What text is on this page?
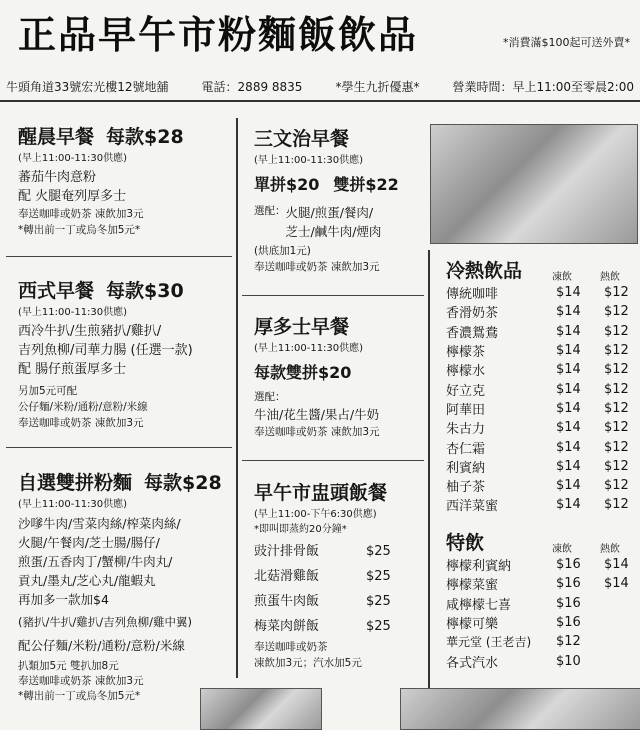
正品早午市粉麵飯飲品	*消費滿$100起可送外賣*
牛頭角道33號宏光樓12號地舖	電話：2889 8835	*學生九折優惠*	營業時間：早上11:00至零晨2:00
醒晨早餐 每款$28
(早上11:00-11:30供應)
蕃茄牛肉意粉
配 火腿奄列厚多士
奉送咖啡或奶茶 凍飲加3元
*轉出前一丁或烏冬加5元*
西式早餐 每款$30
(早上11:00-11:30供應)
西冷牛扒/生煎豬扒/雞扒/
吉列魚柳/司華力腸 (任選一款)
配 腸仔煎蛋厚多士
另加5元可配
公仔麵/米粉/通粉/意粉/米線
奉送咖啡或奶茶 凍飲加3元
自選雙拼粉麵 每款$28
(早上11:00-11:30供應)
沙嗲牛肉/雪菜肉絲/榨菜肉絲/
火腿/午餐肉/芝士腸/腸仔/
煎蛋/五香肉丁/蟹柳/牛肉丸/
貢丸/墨丸/芝心丸/龍蝦丸
再加多一款加$4
(豬扒/牛扒/雞扒/吉列魚柳/雞中翼)
配公仔麵/米粉/通粉/意粉/米線
扒類加5元 雙扒加8元
奉送咖啡或奶茶 凍飲加3元
*轉出前一丁或烏冬加5元*
三文治早餐
(早上11:00-11:30供應)
單拼$20 雙拼$22
選配： 火腿/煎蛋/餐肉/
芝士/鹹牛肉/煙肉
(烘底加1元)
奉送咖啡或奶茶 凍飲加3元
厚多士早餐
(早上11:00-11:30供應)
每款雙拼$20
選配：
牛油/花生醬/果占/牛奶
奉送咖啡或奶茶 凍飲加3元
早午市盅頭飯餐
(早上11:00-下午6:30供應)
*即叫即蒸約20分鐘*
豉汁排骨飯	$25
北菇滑雞飯	$25
煎蛋牛肉飯	$25
梅菜肉餅飯	$25
奉送咖啡或奶茶
凍飲加3元；汽水加5元
冷熱飲品	凍飲	熱飲
傳統咖啡	$14	$12
香滑奶茶	$14	$12
香濃鴛鴦	$14	$12
檸檬茶	$14	$12
檸檬水	$14	$12
好立克	$14	$12
阿華田	$14	$12
朱古力	$14	$12
杏仁霜	$14	$12
利賓納	$14	$12
柚子茶	$14	$12
西洋菜蜜	$14	$12
特飲	凍飲	熱飲
檸檬利賓納	$16	$14
檸檬菜蜜	$16	$14
咸檸檬七喜	$16	
檸檬可樂	$16	
華元堂 (王老吉)	$12	
各式汽水	$10	
